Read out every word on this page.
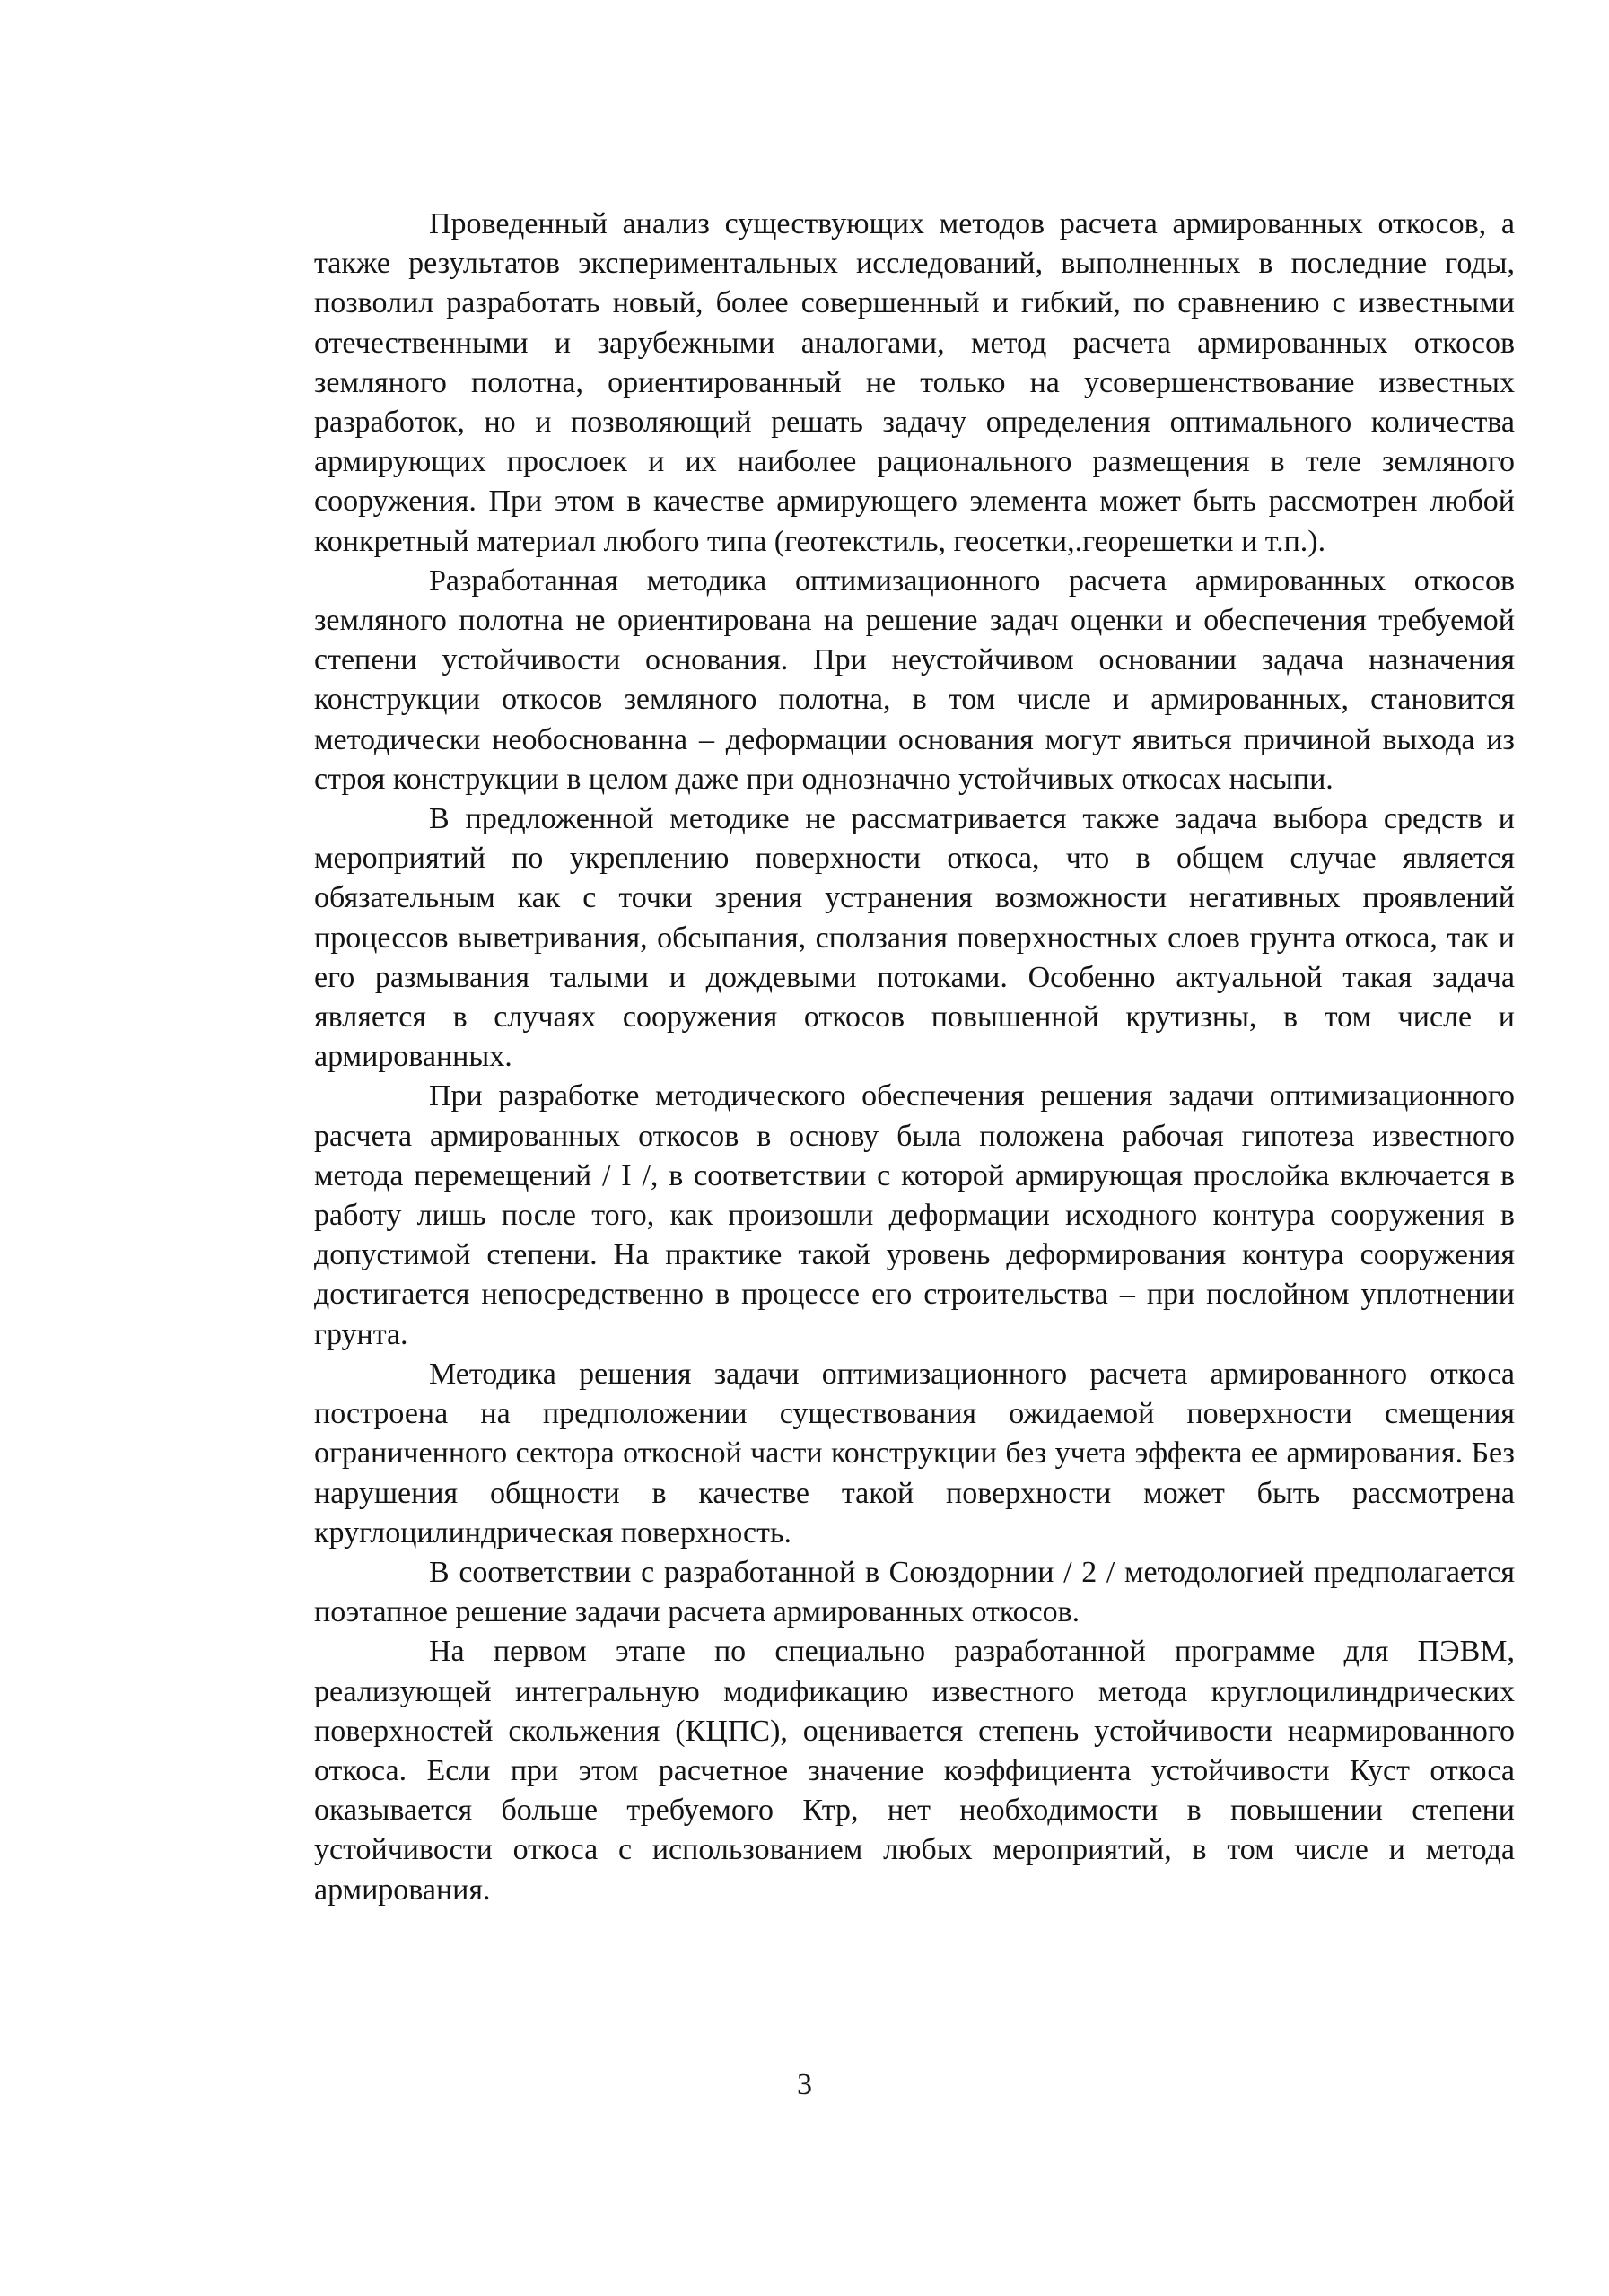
Проведенный анализ существующих методов расчета армированных откосов, а также результатов экспериментальных исследований, выполненных в последние годы, позволил разработать новый, более совершенный и гибкий, по сравнению с известными отечественными и зарубежными аналогами, метод расчета армированных откосов земляного полотна, ориентированный не только на усовершенствование известных разработок, но и позволяющий решать задачу определения оптимального количества армирующих прослоек и их наиболее рационального размещения в теле земляного сооружения. При этом в качестве армирующего элемента может быть рассмотрен любой конкретный материал любого типа (геотекстиль, геосетки,.георешетки и т.п.).

Разработанная методика оптимизационного расчета армированных откосов земляного полотна не ориентирована на решение задач оценки и обеспечения требуемой степени устойчивости основания. При неустойчивом основании задача назначения конструкции откосов земляного полотна, в том числе и армированных, становится методически необоснованна – деформации основания могут явиться причиной выхода из строя конструкции в целом даже при однозначно устойчивых откосах насыпи.

В предложенной методике не рассматривается также задача выбора средств и мероприятий по укреплению поверхности откоса, что в общем случае является обязательным как с точки зрения устранения возможности негативных проявлений процессов выветривания, обсыпания, сползания поверхностных слоев грунта откоса, так и его размывания талыми и дождевыми потоками. Особенно актуальной такая задача является в случаях сооружения откосов повышенной крутизны, в том числе и армированных.

При разработке методического обеспечения решения задачи оптимизационного расчета армированных откосов в основу была положена рабочая гипотеза известного метода перемещений / I /, в соответствии с которой армирующая прослойка включается в работу лишь после того, как произошли деформации исходного контура сооружения в допустимой степени. На практике такой уровень деформирования контура сооружения достигается непосредственно в процессе его строительства – при послойном уплотнении грунта.

Методика решения задачи оптимизационного расчета армированного откоса построена на предположении существования ожидаемой поверхности смещения ограниченного сектора откосной части конструкции без учета эффекта ее армирования. Без нарушения общности в качестве такой поверхности может быть рассмотрена круглоцилиндрическая поверхность.

В соответствии с разработанной в Союздорнии / 2 / методологией предполагается поэтапное решение задачи расчета армированных откосов.

На первом этапе по специально разработанной программе для ПЭВМ, реализующей интегральную модификацию известного метода круглоцилиндрических поверхностей скольжения (КЦПС), оценивается степень устойчивости неармированного откоса. Если при этом расчетное значение коэффициента устойчивости Куст откоса оказывается больше требуемого Ктр, нет необходимости в повышении степени устойчивости откоса с использованием любых мероприятий, в том числе и метода армирования.

3
